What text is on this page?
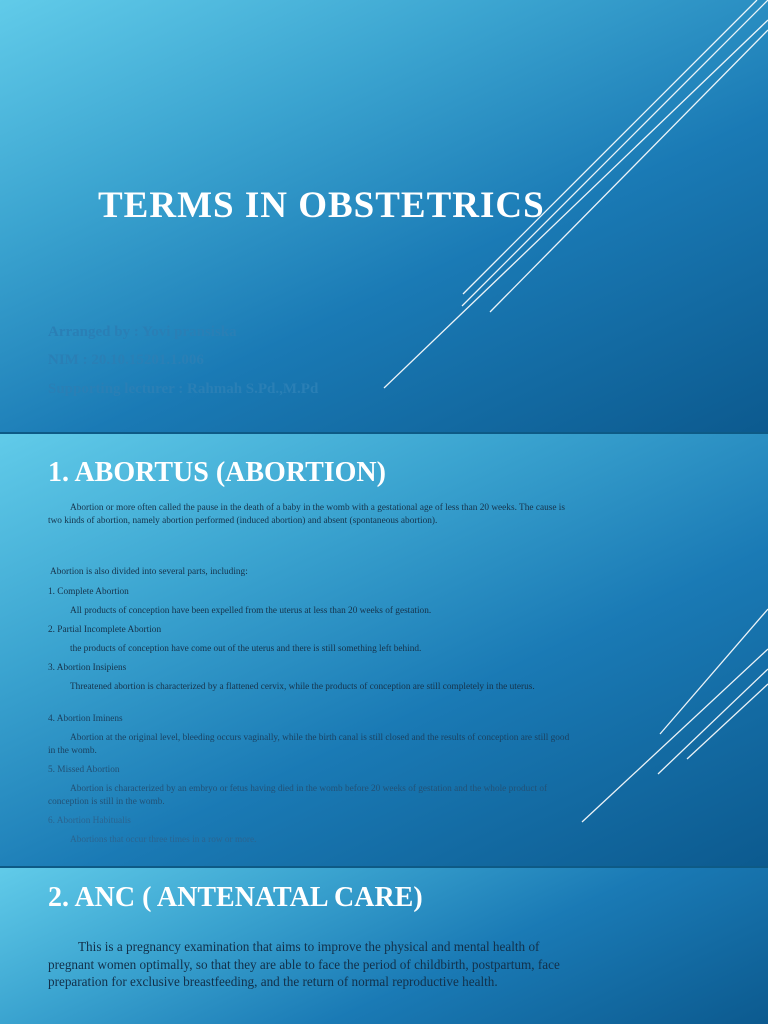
TERMS IN OBSTETRICS

Arranged by : Yovi pransiska

NIM : 20.10.15201.1.006

Supporting lecturer : Rahmah S.Pd.,M.Pd

1. ABORTUS (ABORTION)

Abortion or more often called the pause in the death of a baby in the womb with a gestational age of less than 20 weeks. The cause is two kinds of abortion, namely abortion performed (induced abortion) and absent (spontaneous abortion).

Abortion is also divided into several parts, including:

1. Complete Abortion
All products of conception have been expelled from the uterus at less than 20 weeks of gestation.
2. Partial Incomplete Abortion
the products of conception have come out of the uterus and there is still something left behind.
3. Abortion Insipiens
Threatened abortion is characterized by a flattened cervix, while the products of conception are still completely in the uterus.
4. Abortion Iminens
Abortion at the original level, bleeding occurs vaginally, while the birth canal is still closed and the results of conception are still good in the womb.
5. Missed Abortion
Abortion is characterized by an embryo or fetus having died in the womb before 20 weeks of gestation and the whole product of conception is still in the womb.
6. Abortion Habitualis
Abortions that occur three times in a row or more.
2. ANC ( ANTENATAL CARE)

This is a pregnancy examination that aims to improve the physical and mental health of pregnant women optimally, so that they are able to face the period of childbirth, postpartum, face preparation for exclusive breastfeeding, and the return of normal reproductive health.
